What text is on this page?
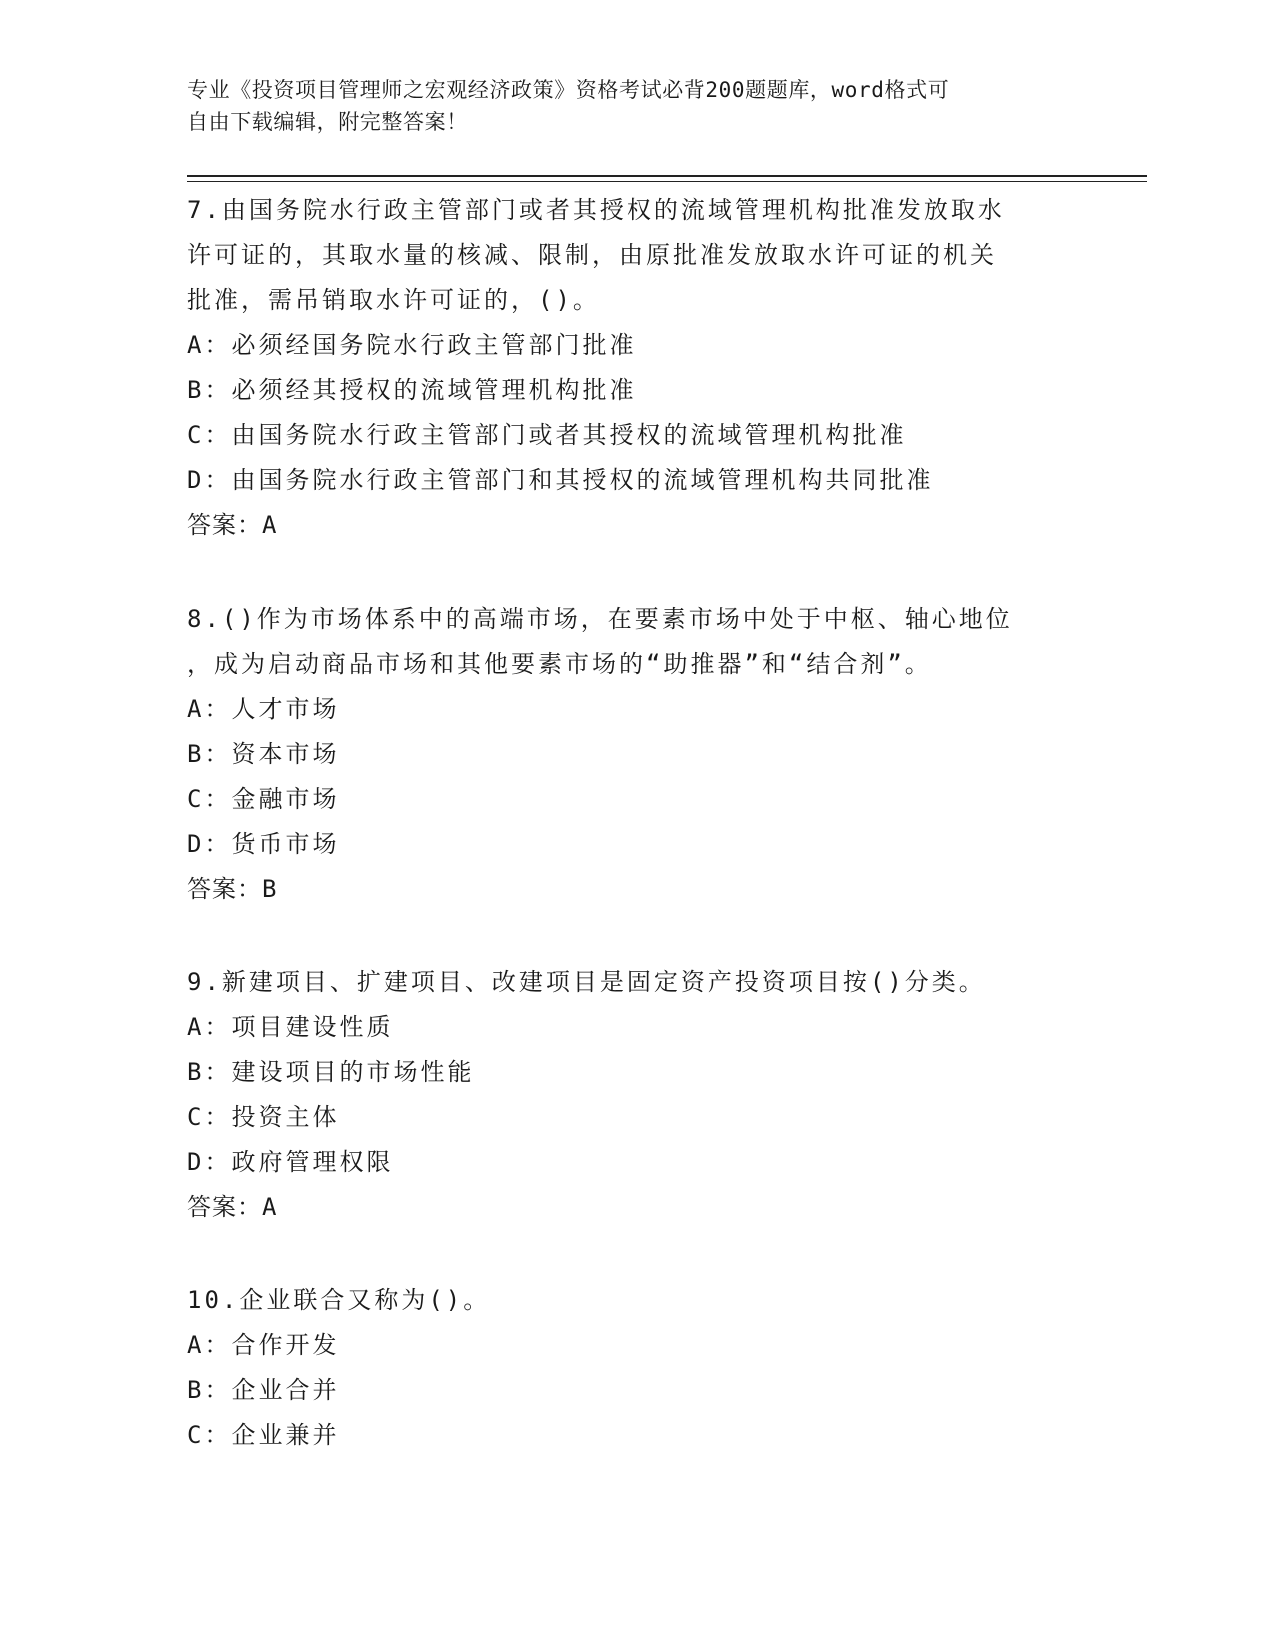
专业《投资项目管理师之宏观经济政策》资格考试必背200题题库，word格式可
自由下载编辑，附完整答案！
7.由国务院水行政主管部门或者其授权的流域管理机构批准发放取水
许可证的，其取水量的核减、限制，由原批准发放取水许可证的机关
批准，需吊销取水许可证的，()。
A：必须经国务院水行政主管部门批准
B：必须经其授权的流域管理机构批准
C：由国务院水行政主管部门或者其授权的流域管理机构批准
D：由国务院水行政主管部门和其授权的流域管理机构共同批准
答案：A
8.()作为市场体系中的高端市场，在要素市场中处于中枢、轴心地位
，成为启动商品市场和其他要素市场的“助推器”和“结合剂”。
A：人才市场
B：资本市场
C：金融市场
D：货币市场
答案：B
9.新建项目、扩建项目、改建项目是固定资产投资项目按()分类。
A：项目建设性质
B：建设项目的市场性能
C：投资主体
D：政府管理权限
答案：A
10.企业联合又称为()。
A：合作开发
B：企业合并
C：企业兼并
